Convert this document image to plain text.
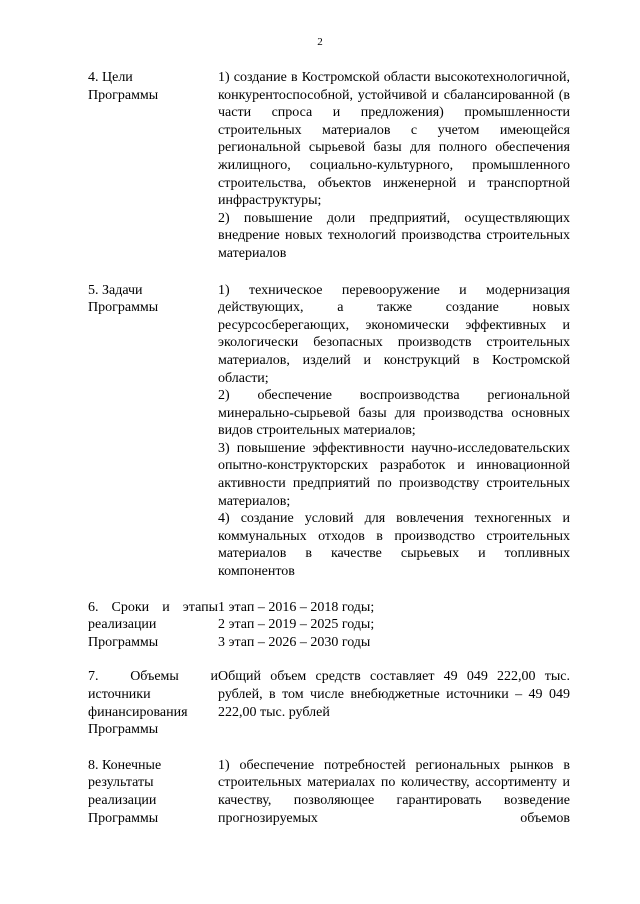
2
4. Цели
Программы

1) создание в Костромской области высокотехнологичной, конкурентоспособной, устойчивой и сбалансированной (в части спроса и предложения) промышленности строительных материалов с учетом имеющейся региональной сырьевой базы для полного обеспечения жилищного, социально-культурного, промышленного строительства, объектов инженерной и транспортной инфраструктуры;

2) повышение доли предприятий, осуществляющих внедрение новых технологий производства строительных материалов

5. Задачи
Программы

1) техническое перевооружение и модернизация действующих, а также создание новых ресурсосберегающих, экономически эффективных и экологически безопасных производств строительных материалов, изделий и конструкций в Костромской области;

2) обеспечение воспроизводства региональной минерально-сырьевой базы для производства основных видов строительных материалов;

3) повышение эффективности научно-исследовательских опытно-конструкторских разработок и инновационной активности предприятий по производству строительных материалов;

4) создание условий для вовлечения техногенных и коммунальных отходов в производство строительных материалов в качестве сырьевых и топливных компонентов

6. Сроки и этапы
реализации
Программы

1 этап – 2016 – 2018 годы;

2 этап – 2019 – 2025 годы;

3 этап – 2026 – 2030 годы

7. Объемы и
источники
финансирования
Программы

Общий объем средств составляет 49 049 222,00 тыс. рублей, в том числе внебюджетные источники – 49 049 222,00 тыс. рублей

8. Конечные
результаты
реализации
Программы

1) обеспечение потребностей региональных рынков в строительных материалах по количеству, ассортименту и качеству, позволяющее гарантировать возведение прогнозируемых объемов
